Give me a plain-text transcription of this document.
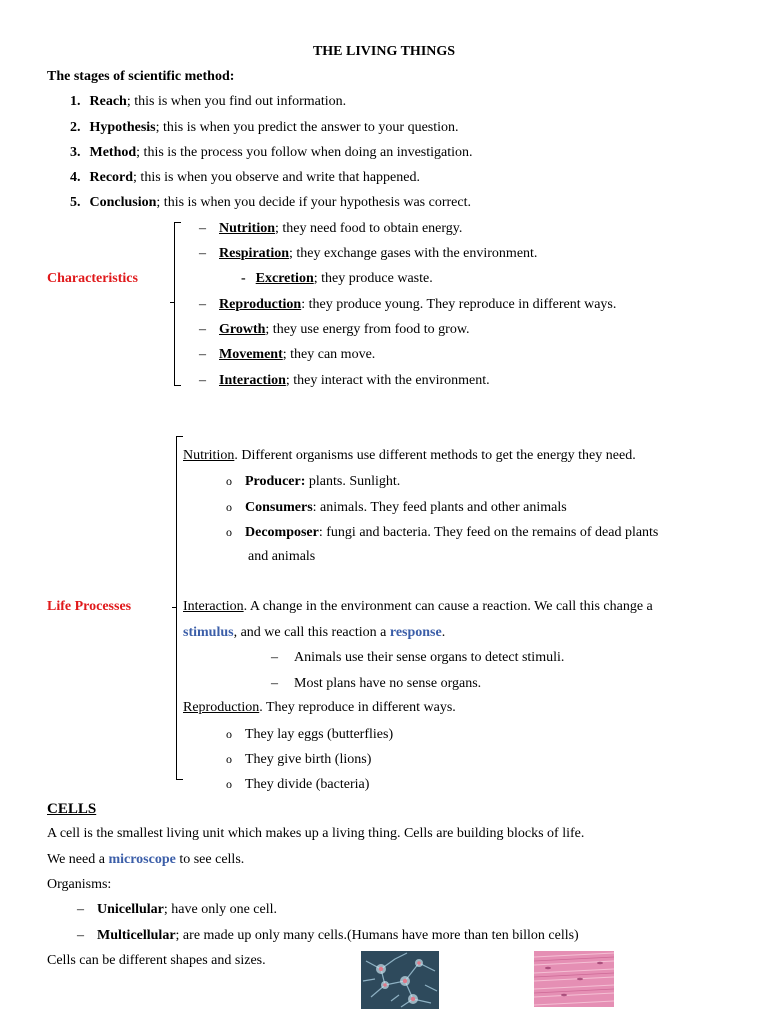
THE LIVING THINGS
The stages of scientific method:
1. Reach; this is when you find out information.
2. Hypothesis; this is when you predict the answer to your question.
3. Method; this is the process you follow when doing an investigation.
4. Record; this is when you observe and write that happened.
5. Conclusion; this is when you decide if your hypothesis was correct.
Characteristics
– Nutrition; they need food to obtain energy.
– Respiration; they exchange gases with the environment.
- Excretion; they produce waste.
– Reproduction: they produce young. They reproduce in different ways.
– Growth; they use energy from food to grow.
– Movement; they can move.
– Interaction; they interact with the environment.
Life Processes
Nutrition. Different organisms use different methods to get the energy they need.
o Producer: plants. Sunlight.
o Consumers: animals. They feed plants and other animals
o Decomposer: fungi and bacteria. They feed on the remains of dead plants
and animals
Interaction. A change in the environment can cause a reaction. We call this change a
stimulus, and we call this reaction a response.
– Animals use their sense organs to detect stimuli.
– Most plans have no sense organs.
Reproduction. They reproduce in different ways.
o They lay eggs (butterflies)
o They give birth (lions)
o They divide (bacteria)
CELLS
A cell is the smallest living unit which makes up a living thing. Cells are building blocks of life.
We need a microscope to see cells.
Organisms:
– Unicellular; have only one cell.
– Multicellular; are made up only many cells.(Humans have more than ten billon cells)
Cells can be different shapes and sizes.
